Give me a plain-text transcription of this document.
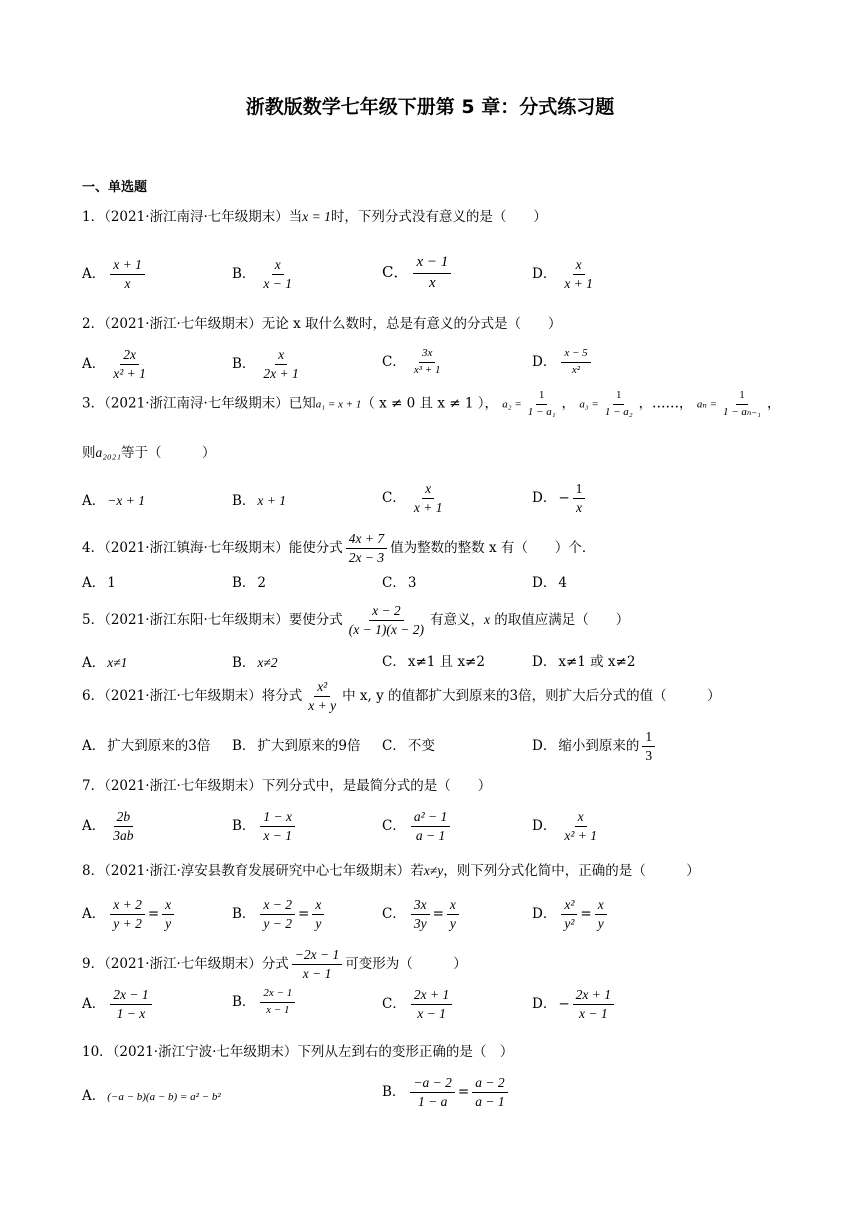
浙教版数学七年级下册第 5 章：分式练习题
一、单选题
1．（2021·浙江南浔·七年级期末）当x = 1时，下列分式没有意义的是（　　）
A． $\frac{x + 1}{x}$	B． $\frac{x}{x - 1}$	C． $\frac{x - 1}{x}$	D． $\frac{x}{x + 1}$
2．（2021·浙江·七年级期末）无论 x 取什么数时，总是有意义的分式是（　　）
A． $\frac{2x}{\text{x² + 1}}$	B． $\frac{x}{2x + 1}$	C． $\frac{3x}{\text{x³ + 1}}$	D． $\frac{x - 5}{\text{x²}}$
3．（2021·浙江南浔·七年级期末）已知a₁ = x + 1（ x ≠ 0 且 x ≠ 1 ）， $a_2 = \frac{1}{\text{1 − a₁}}$ ， $a_3 = \frac{1}{\text{1 − a₂}}$ ，……， $a_n = \frac{1}{\text{1 − aₙ₋₁}}$ ，
则a₂₀₂₁等于（　　　）
A． −x + 1	B． x + 1	C． $\frac{x}{x + 1}$	D． − $\frac{1}{x}$
4．（2021·浙江镇海·七年级期末）能使分式 $\frac{4x + 7}{2x - 3}$ 值为整数的整数 x 有（　　）个．
A． 1	B． 2	C． 3	D． 4
5．（2021·浙江东阳·七年级期末）要使分式 $\frac{x - 2}{(x - 1)(x - 2)}$ 有意义，x 的取值应满足（　　）
A． x≠1	B． x≠2	C． x≠1 且 x≠2	D． x≠1 或 x≠2
6．（2021·浙江·七年级期末）将分式 $\frac{\text{x²}}{x + y}$ 中 x, y 的值都扩大到原来的3倍，则扩大后分式的值（　　　）
A． 扩大到原来的3倍 B． 扩大到原来的9倍 C． 不变	D． 缩小到原来的 $\frac{1}{3}$
7．（2021·浙江·七年级期末）下列分式中，是最简分式的是（　　）
A． $\frac{2b}{3ab}$	B． $\frac{1 - x}{x - 1}$	C． $\frac{\text{a² − 1}}{a - 1}$	D． $\frac{x}{\text{x² + 1}}$
8．（2021·浙江·淳安县教育发展研究中心七年级期末）若x≠y，则下列分式化简中，正确的是（　　　）
A． $\frac{x + 2}{y + 2} = \frac{x}{y}$	B． $\frac{x - 2}{y - 2} = \frac{x}{y}$	C． $\frac{3x}{3y} = \frac{x}{y}$	D． $\frac{\text{x²}}{\text{y²}} = \frac{x}{y}$
9．（2021·浙江·七年级期末）分式 $\frac{-2x - 1}{x - 1}$ 可变形为（　　　）
A． $\frac{2x - 1}{1 - x}$	B． $\frac{2x - 1}{x - 1}$	C． $\frac{2x + 1}{x - 1}$	D． − $\frac{2x + 1}{x - 1}$
10．（2021·浙江宁波·七年级期末）下列从左到右的变形正确的是（　）
A． (−a − b)(a − b) = a² − b²	B． $\frac{-a - 2}{1 - a} = \frac{a - 2}{a - 1}$
